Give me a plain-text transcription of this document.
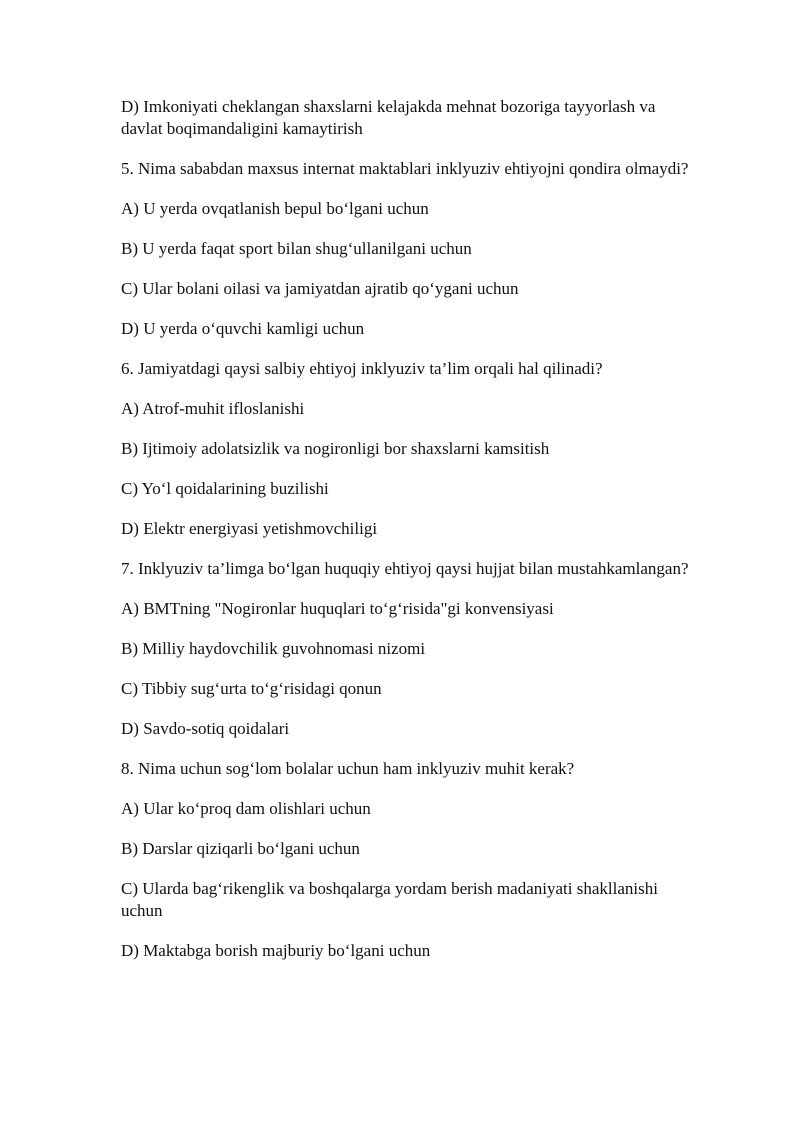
D) Imkoniyati cheklangan shaxslarni kelajakda mehnat bozoriga tayyorlash va davlat boqimandaligini kamaytirish

5. Nima sababdan maxsus internat maktablari inklyuziv ehtiyojni qondira olmaydi?

A) U yerda ovqatlanish bepul bo‘lgani uchun

B) U yerda faqat sport bilan shug‘ullanilgani uchun

C) Ular bolani oilasi va jamiyatdan ajratib qo‘ygani uchun

D) U yerda o‘quvchi kamligi uchun

6. Jamiyatdagi qaysi salbiy ehtiyoj inklyuziv ta’lim orqali hal qilinadi?

A) Atrof-muhit ifloslanishi

B) Ijtimoiy adolatsizlik va nogironligi bor shaxslarni kamsitish

C) Yo‘l qoidalarining buzilishi

D) Elektr energiyasi yetishmovchiligi

7. Inklyuziv ta’limga bo‘lgan huquqiy ehtiyoj qaysi hujjat bilan mustahkamlangan?

A) BMTning "Nogironlar huquqlari to‘g‘risida"gi konvensiyasi

B) Milliy haydovchilik guvohnomasi nizomi

C) Tibbiy sug‘urta to‘g‘risidagi qonun

D) Savdo-sotiq qoidalari

8. Nima uchun sog‘lom bolalar uchun ham inklyuziv muhit kerak?

A) Ular ko‘proq dam olishlari uchun

B) Darslar qiziqarli bo‘lgani uchun

C) Ularda bag‘rikenglik va boshqalarga yordam berish madaniyati shakllanishi uchun

D) Maktabga borish majburiy bo‘lgani uchun
